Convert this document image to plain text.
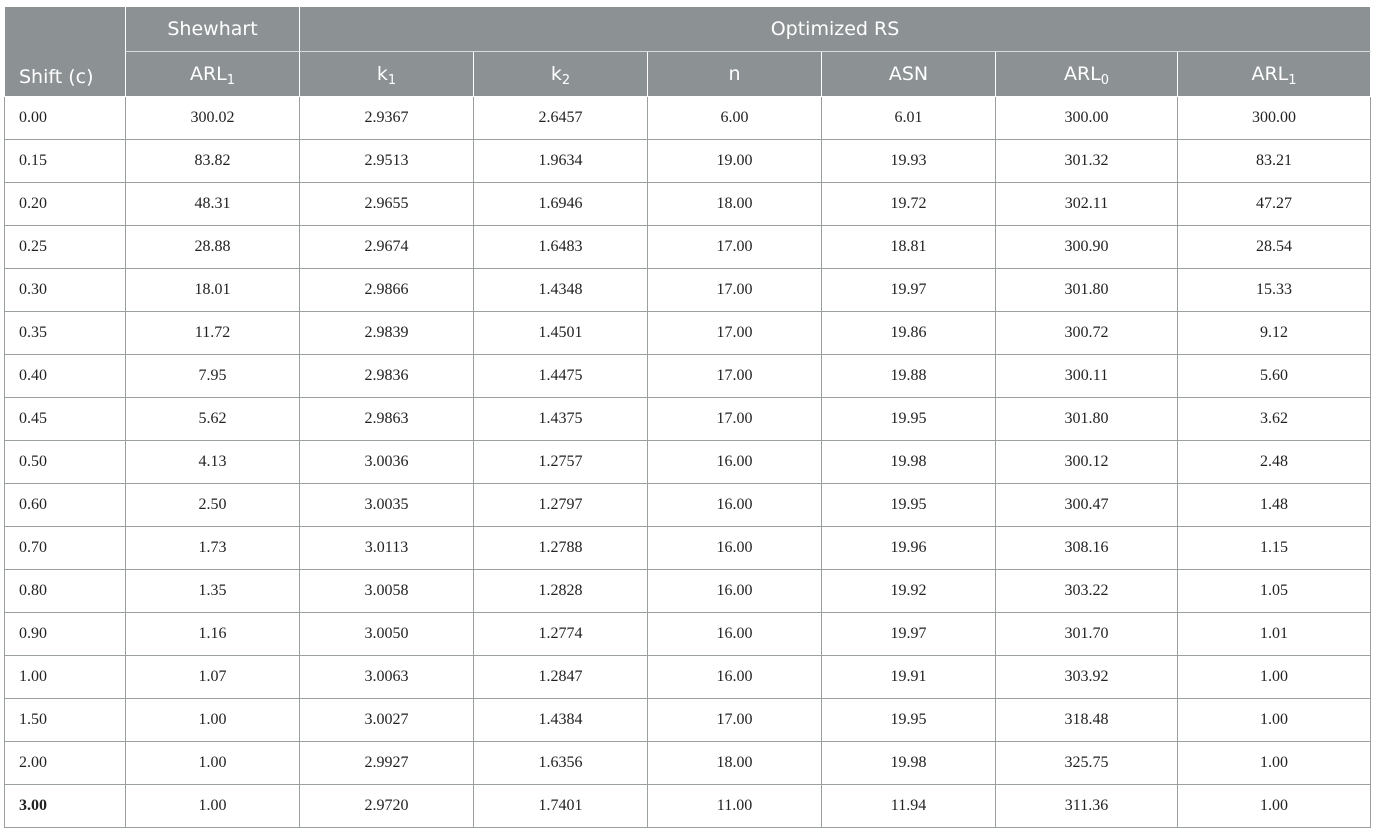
Shift (c)	Shewhart	Optimized RS					
	$ARL_1$	$k_1$	$k_2$	n	ASN	$ARL_0$	$ARL_1$
0.00	300.02	2.9367	2.6457	6.00	6.01	300.00	300.00
0.15	83.82	2.9513	1.9634	19.00	19.93	301.32	83.21
0.20	48.31	2.9655	1.6946	18.00	19.72	302.11	47.27
0.25	28.88	2.9674	1.6483	17.00	18.81	300.90	28.54
0.30	18.01	2.9866	1.4348	17.00	19.97	301.80	15.33
0.35	11.72	2.9839	1.4501	17.00	19.86	300.72	9.12
0.40	7.95	2.9836	1.4475	17.00	19.88	300.11	5.60
0.45	5.62	2.9863	1.4375	17.00	19.95	301.80	3.62
0.50	4.13	3.0036	1.2757	16.00	19.98	300.12	2.48
0.60	2.50	3.0035	1.2797	16.00	19.95	300.47	1.48
0.70	1.73	3.0113	1.2788	16.00	19.96	308.16	1.15
0.80	1.35	3.0058	1.2828	16.00	19.92	303.22	1.05
0.90	1.16	3.0050	1.2774	16.00	19.97	301.70	1.01
1.00	1.07	3.0063	1.2847	16.00	19.91	303.92	1.00
1.50	1.00	3.0027	1.4384	17.00	19.95	318.48	1.00
2.00	1.00	2.9927	1.6356	18.00	19.98	325.75	1.00
3.00	1.00	2.9720	1.7401	11.00	11.94	311.36	1.00
